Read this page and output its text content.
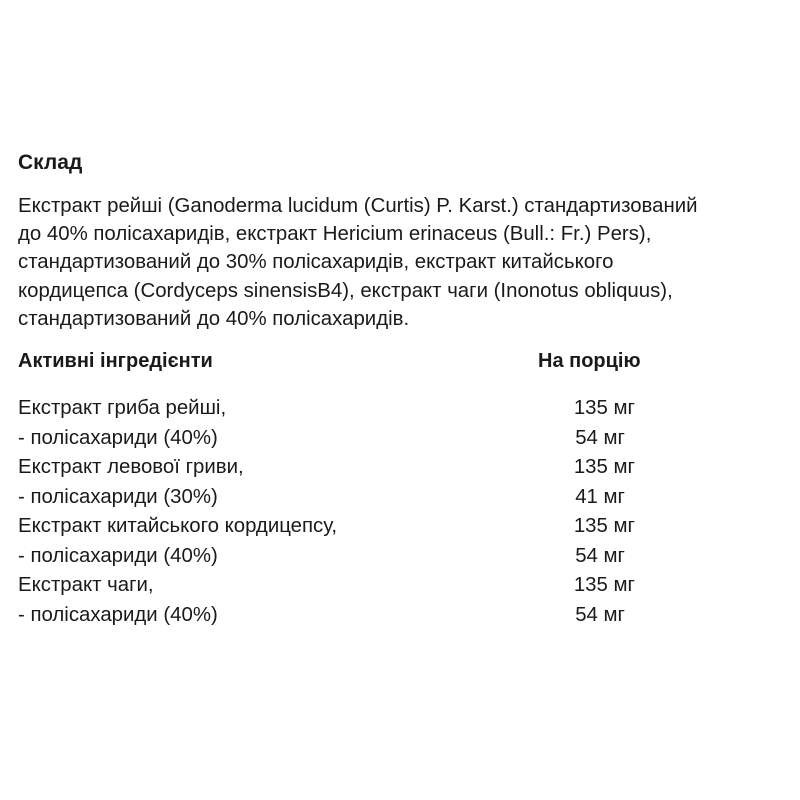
Склад
Екстракт рейші (Ganoderma lucidum (Curtis) P. Karst.) стандартизований
до 40% полісахаридів, екстракт Hericium erinaceus (Bull.: Fr.) Pers),
стандартизований до 30% полісахаридів, екстракт китайського
кордицепса (Cordyceps sinensisB4), екстракт чаги (Inonotus obliquus),
стандартизований до 40% полісахаридів.
Активні інгредієнти	На порцію
Екстракт гриба рейші,	135 мг
- полісахариди (40%)	54 мг
Екстракт левової гриви,	135 мг
- полісахариди (30%)	41 мг
Екстракт китайського кордицепсу,	135 мг
- полісахариди (40%)	54 мг
Екстракт чаги,	135 мг
- полісахариди (40%)	54 мг
